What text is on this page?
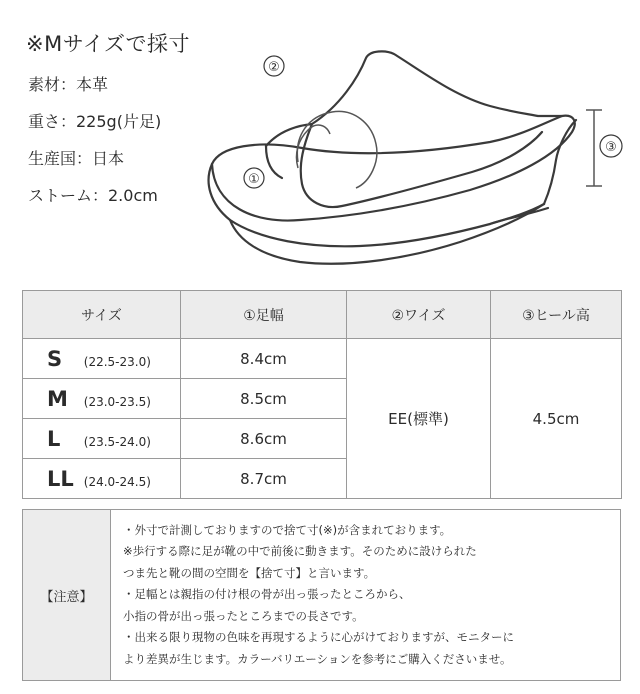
※Mサイズで採寸
素材：本革
重さ：225g(片足)
生産国：日本
ストーム：2.0cm
②
①
③
サイズ	①足幅	②ワイズ	③ヒール高
S (22.5-23.0)	8.4cm	EE(標準)	4.5cm
M (23.0-23.5)	8.5cm		
L (23.5-24.0)	8.6cm		
LL (24.0-24.5)	8.7cm		
【注意】	
・外寸で計測しておりますので捨て寸(※)が含まれております。
※歩行する際に足が靴の中で前後に動きます。そのために設けられた
つま先と靴の間の空間を【捨て寸】と言います。
・足幅とは親指の付け根の骨が出っ張ったところから、
小指の骨が出っ張ったところまでの長さです。
・出来る限り現物の色味を再現するように心がけておりますが、モニターに
より差異が生じます。カラーバリエーションを参考にご購入くださいませ。
